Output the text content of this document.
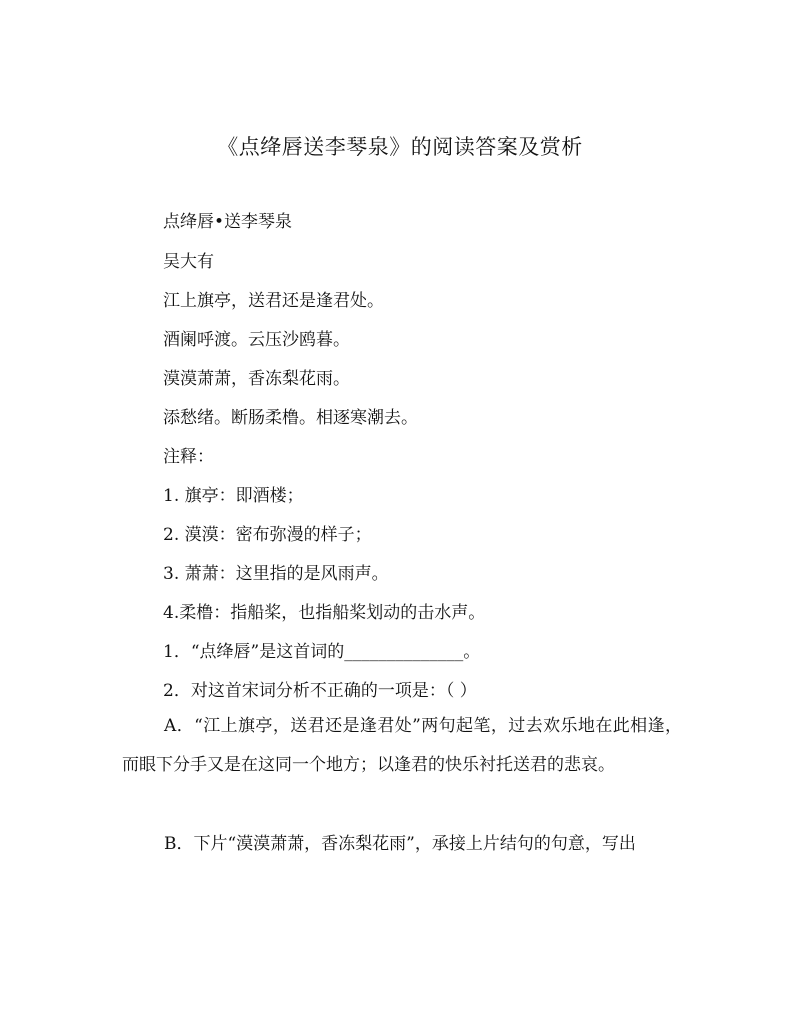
《点绛唇送李琴泉》的阅读答案及赏析
点绛唇•送李琴泉
吴大有
江上旗亭，送君还是逢君处。
酒阑呼渡。云压沙鸥暮。
漠漠萧萧，香冻梨花雨。
添愁绪。断肠柔橹。相逐寒潮去。
注释：
1. 旗亭：即酒楼；
2. 漠漠：密布弥漫的样子；
3. 萧萧：这里指的是风雨声。
4.柔橹：指船桨，也指船桨划动的击水声。
1．“点绛唇”是这首词的______________。
2．对这首宋词分析不正确的一项是：（ ）
A．“江上旗亭，送君还是逢君处”两句起笔，过去欢乐地在此相逢，而眼下分手又是在这同一个地方；以逢君的快乐衬托送君的悲哀。
B．下片“漠漠萧萧，香冻梨花雨”，承接上片结句的句意，写出
